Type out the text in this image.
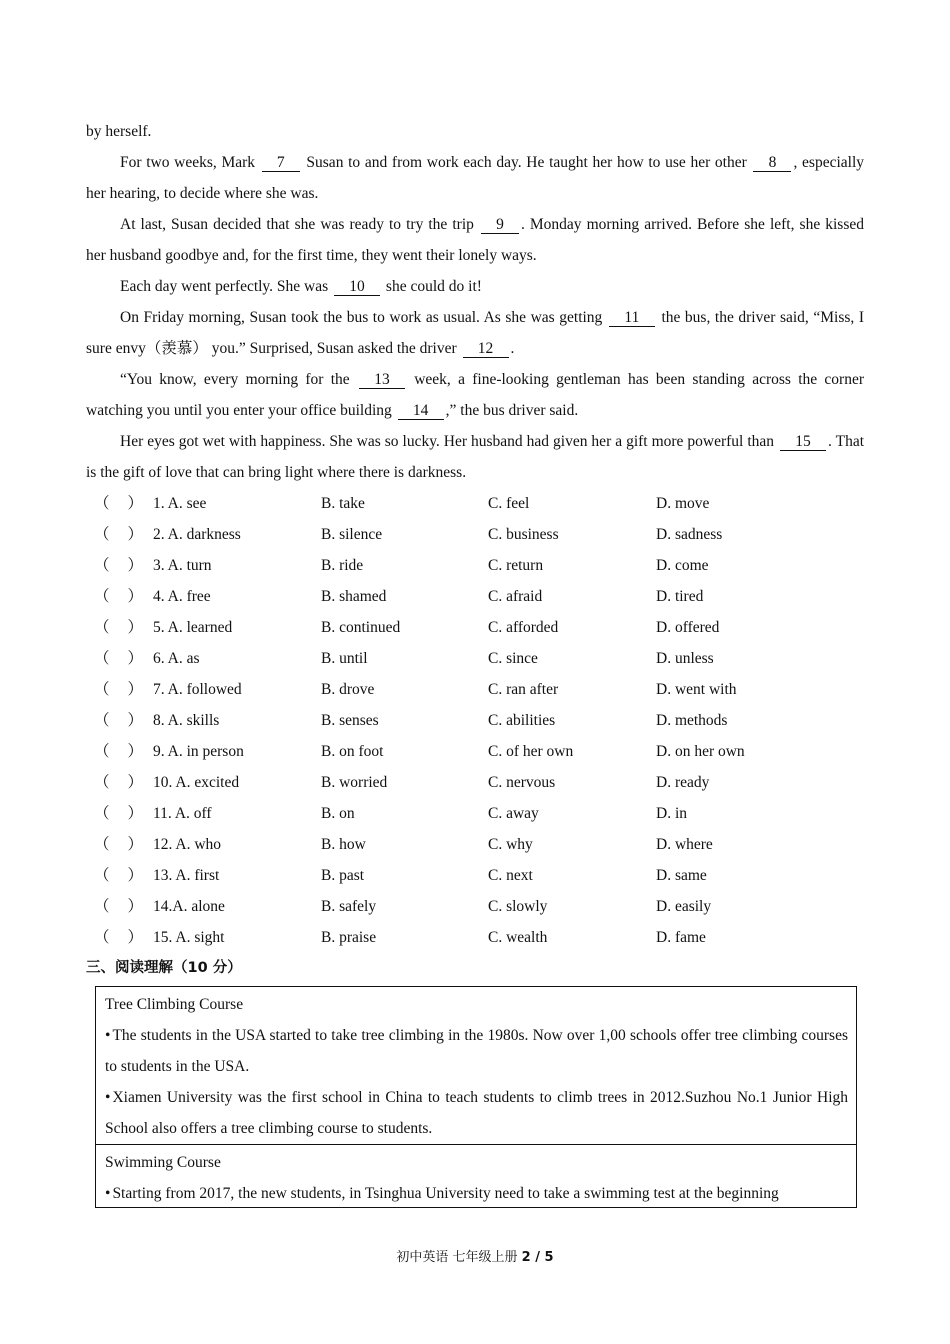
by herself.

For two weeks, Mark 7 Susan to and from work each day. He taught her how to use her other 8 , especially her hearing, to decide where she was.

At last, Susan decided that she was ready to try the trip 9 . Monday morning arrived. Before she left, she kissed her husband goodbye and, for the first time, they went their lonely ways.

Each day went perfectly. She was 10 she could do it!

On Friday morning, Susan took the bus to work as usual. As she was getting 11 the bus, the driver said, “Miss, I sure envy（羡慕） you.” Surprised, Susan asked the driver 12 .

“You know, every morning for the 13 week, a fine-looking gentleman has been standing across the corner watching you until you enter your office building 14 ,” the bus driver said.

Her eyes got wet with happiness. She was so lucky. Her husband had given her a gift more powerful than 15 . That is the gift of love that can bring light where there is darkness.

（ ） 1. A. see	B. take	C. feel	D. move
（ ） 2. A. darkness	B. silence	C. business	D. sadness
（ ） 3. A. turn	B. ride	C. return	D. come
（ ） 4. A. free	B. shamed	C. afraid	D. tired
（ ） 5. A. learned	B. continued	C. afforded	D. offered
（ ） 6. A. as	B. until	C. since	D. unless
（ ） 7. A. followed	B. drove	C. ran after	D. went with
（ ） 8. A. skills	B. senses	C. abilities	D. methods
（ ） 9. A. in person	B. on foot	C. of her own	D. on her own
（ ） 10. A. excited	B. worried	C. nervous	D. ready
（ ） 11. A. off	B. on	C. away	D. in
（ ） 12. A. who	B. how	C. why	D. where
（ ） 13. A. first	B. past	C. next	D. same
（ ） 14.A. alone	B. safely	C. slowly	D. easily
（ ） 15. A. sight	B. praise	C. wealth	D. fame
三、阅读理解（10 分）

Tree Climbing Course

• The students in the USA started to take tree climbing in the 1980s. Now over 1,00 schools offer tree climbing courses to students in the USA.

• Xiamen University was the first school in China to teach students to climb trees in 2012.Suzhou No.1 Junior High School also offers a tree climbing course to students.

Swimming Course

• Starting from 2017, the new students, in Tsinghua University need to take a swimming test at the beginning

初中英语 七年级上册 2 / 5
